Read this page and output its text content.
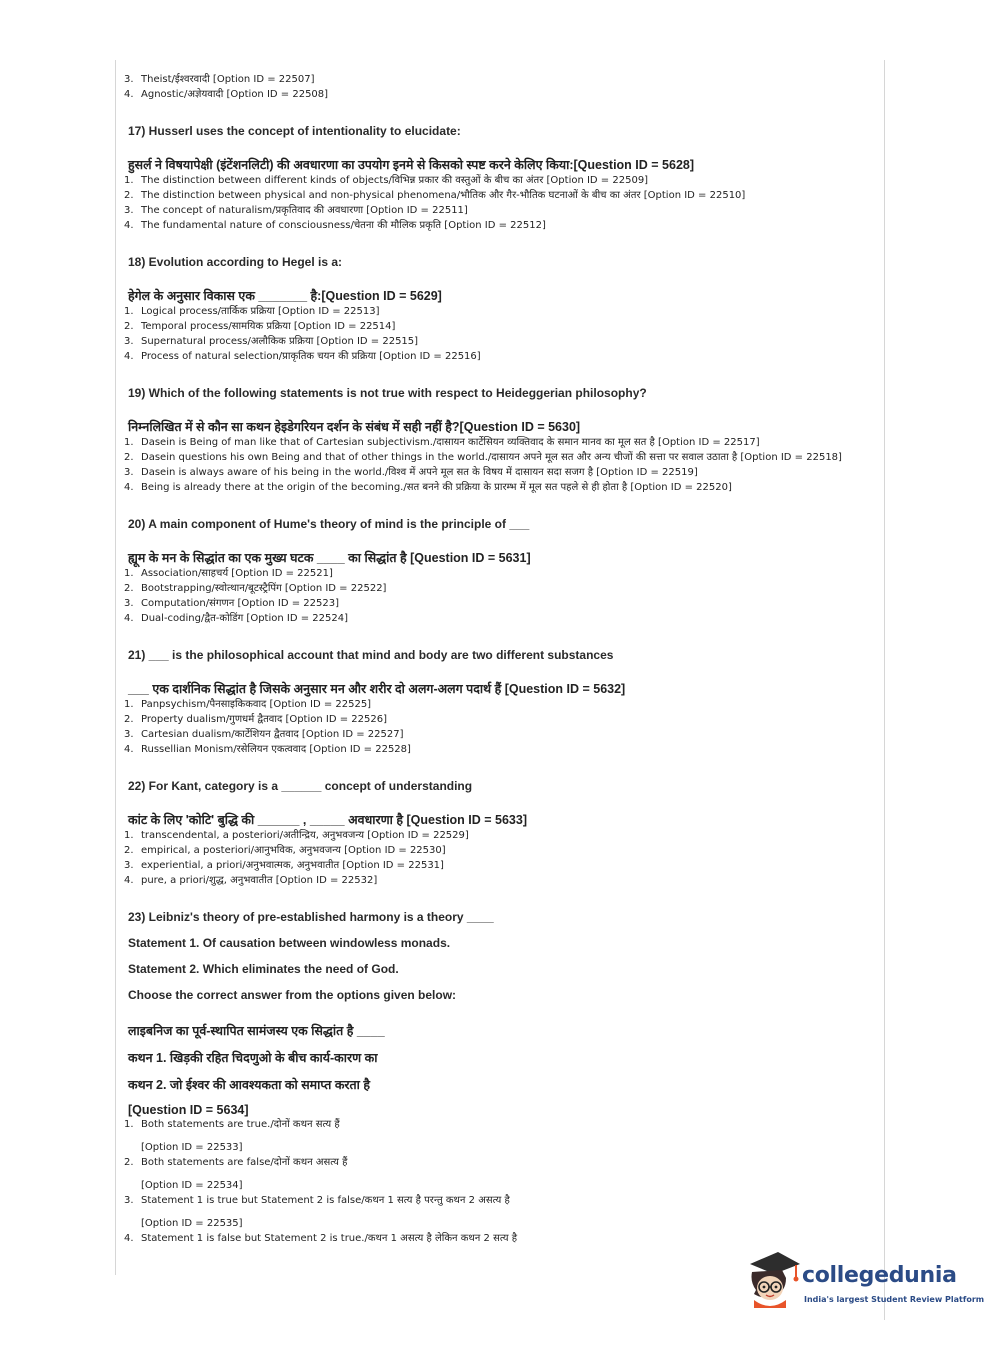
3. Theist/ईश्वरवादी [Option ID = 22507]
4. Agnostic/अज्ञेयवादी [Option ID = 22508]
17) Husserl uses the concept of intentionality to elucidate:
हुसर्ल ने विषयापेक्षी (इंटेंशनलिटी) की अवधारणा का उपयोग इनमे से किसको स्पष्ट करने केलिए किया:[Question ID = 5628]
1. The distinction between different kinds of objects/विभिन्न प्रकार की वस्तुओं के बीच का अंतर [Option ID = 22509]
2. The distinction between physical and non-physical phenomena/भौतिक और गैर-भौतिक घटनाओं के बीच का अंतर [Option ID = 22510]
3. The concept of naturalism/प्रकृतिवाद की अवधारणा [Option ID = 22511]
4. The fundamental nature of consciousness/चेतना की मौलिक प्रकृति [Option ID = 22512]
18) Evolution according to Hegel is a:
हेगेल के अनुसार विकास एक _______ है:[Question ID = 5629]
1. Logical process/तार्किक प्रक्रिया [Option ID = 22513]
2. Temporal process/सामयिक प्रक्रिया [Option ID = 22514]
3. Supernatural process/अलौकिक प्रक्रिया [Option ID = 22515]
4. Process of natural selection/प्राकृतिक चयन की प्रक्रिया [Option ID = 22516]
19) Which of the following statements is not true with respect to Heideggerian philosophy?
निम्नलिखित में से कौन सा कथन हेइडेगरियन दर्शन के संबंध में सही नहीं है?[Question ID = 5630]
1. Dasein is Being of man like that of Cartesian subjectivism./दासायन कार्टेसियन व्यक्तिवाद के समान मानव का मूल सत है [Option ID = 22517]
2. Dasein questions his own Being and that of other things in the world./दासायन अपने मूल सत और अन्य चीजों की सत्ता पर सवाल उठाता है [Option ID = 22518]
3. Dasein is always aware of his being in the world./विश्व में अपने मूल सत के विषय में दासायन सदा सजग है [Option ID = 22519]
4. Being is already there at the origin of the becoming./सत बनने की प्रक्रिया के प्रारम्भ में मूल सत पहले से ही होता है [Option ID = 22520]
20) A main component of Hume's theory of mind is the principle of ___
ह्यूम के मन के सिद्धांत का एक मुख्य घटक ____ का सिद्धांत है [Question ID = 5631]
1. Association/साहचर्य [Option ID = 22521]
2. Bootstrapping/स्वोत्थान/बूटस्ट्रैपिंग [Option ID = 22522]
3. Computation/संगणन [Option ID = 22523]
4. Dual-coding/द्वैत-कोडिंग [Option ID = 22524]
21) ___ is the philosophical account that mind and body are two different substances
___ एक दार्शनिक सिद्धांत है जिसके अनुसार मन और शरीर दो अलग-अलग पदार्थ हैं [Question ID = 5632]
1. Panpsychism/पैनसाइकिकवाद [Option ID = 22525]
2. Property dualism/गुणधर्म द्वैतवाद [Option ID = 22526]
3. Cartesian dualism/कार्टेशियन द्वैतवाद [Option ID = 22527]
4. Russellian Monism/रसेलियन एकत्ववाद [Option ID = 22528]
22) For Kant, category is a ______ concept of understanding
कांट के लिए 'कोटि' बुद्धि की ______ , _____ अवधारणा है [Question ID = 5633]
1. transcendental, a posteriori/अतीन्द्रिय, अनुभवजन्य [Option ID = 22529]
2. empirical, a posteriori/आनुभविक, अनुभवजन्य [Option ID = 22530]
3. experiential, a priori/अनुभवात्मक, अनुभवातीत [Option ID = 22531]
4. pure, a priori/शुद्ध, अनुभवातीत [Option ID = 22532]
23) Leibniz's theory of pre-established harmony is a theory ____
Statement 1. Of causation between windowless monads.
Statement 2. Which eliminates the need of God.
Choose the correct answer from the options given below:
लाइबनिज का पूर्व-स्थापित सामंजस्य एक सिद्धांत है ____
कथन 1. खिड़की रहित चिदणुओ के बीच कार्य-कारण का
कथन 2. जो ईश्वर की आवश्यकता को समाप्त करता है
[Question ID = 5634]
1. Both statements are true./दोनों कथन सत्य हैं
[Option ID = 22533]
2. Both statements are false/दोनों कथन असत्य हैं
[Option ID = 22534]
3. Statement 1 is true but Statement 2 is false/कथन 1 सत्य है परन्तु कथन 2 असत्य है
[Option ID = 22535]
4. Statement 1 is false but Statement 2 is true./कथन 1 असत्य है लेकिन कथन 2 सत्य है
collegedunia
India's largest Student Review Platform
